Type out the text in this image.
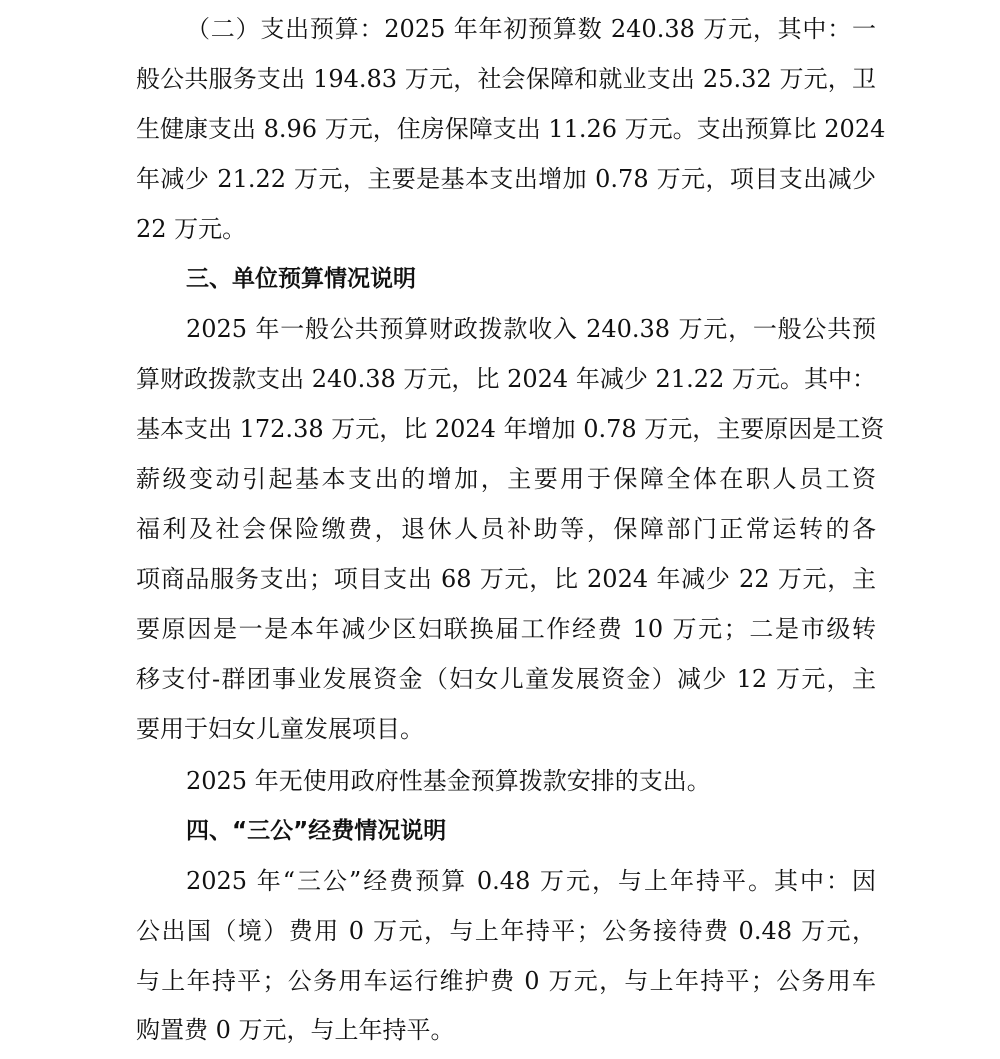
（二）支出预算：2025 年年初预算数 240.38 万元，其中：一
般公共服务支出 194.83 万元，社会保障和就业支出 25.32 万元，卫
生健康支出 8.96 万元，住房保障支出 11.26 万元。支出预算比 2024
年减少 21.22 万元，主要是基本支出增加 0.78 万元，项目支出减少
22 万元。
三、单位预算情况说明
2025 年一般公共预算财政拨款收入 240.38 万元，一般公共预
算财政拨款支出 240.38 万元，比 2024 年减少 21.22 万元。其中：
基本支出 172.38 万元，比 2024 年增加 0.78 万元，主要原因是工资
薪级变动引起基本支出的增加，主要用于保障全体在职人员工资
福利及社会保险缴费，退休人员补助等，保障部门正常运转的各
项商品服务支出；项目支出 68 万元，比 2024 年减少 22 万元，主
要原因是一是本年减少区妇联换届工作经费 10 万元；二是市级转
移支付-群团事业发展资金（妇女儿童发展资金）减少 12 万元，主
要用于妇女儿童发展项目。
2025 年无使用政府性基金预算拨款安排的支出。
四、“三公”经费情况说明
2025 年“三公”经费预算 0.48 万元，与上年持平。其中：因
公出国（境）费用 0 万元，与上年持平；公务接待费 0.48 万元，
与上年持平；公务用车运行维护费 0 万元，与上年持平；公务用车
购置费 0 万元，与上年持平。
